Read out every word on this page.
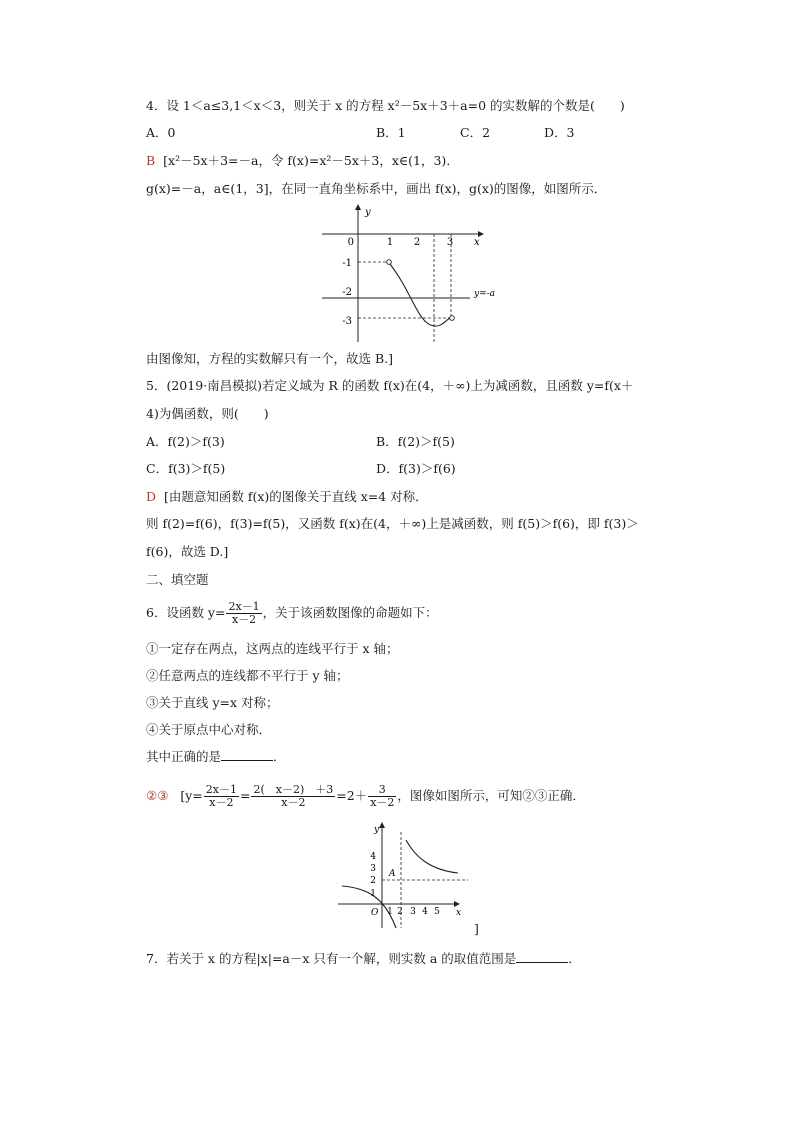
4．设 1＜a≤3,1＜x＜3，则关于 x 的方程 x²－5x＋3＋a=0 的实数解的个数是(　　)
A．0	B．1	C．2	D．3
B [x²－5x＋3=－a，令 f(x)=x²－5x＋3，x∈(1，3)．
g(x)=－a，a∈(1，3]，在同一直角坐标系中，画出 f(x)，g(x)的图像，如图所示．
y
x
0	1 2	3
-1
-2
-3
y=-a
由图像知，方程的实数解只有一个，故选 B.]
5．(2019·南昌模拟)若定义域为 R 的函数 f(x)在(4，＋∞)上为减函数，且函数 y=f(x＋
4)为偶函数，则(　　)
A．f(2)＞f(3)	B．f(2)＞f(5)
C．f(3)＞f(5)	D．f(3)＞f(6)
D [由题意知函数 f(x)的图像关于直线 x=4 对称．
则 f(2)=f(6)，f(3)=f(5)，又函数 f(x)在(4，＋∞)上是减函数，则 f(5)＞f(6)，即 f(3)＞
f(6)，故选 D.]
二、填空题
6．设函数 $y= \frac{2x-1}{x-2}$ ，关于该函数图像的命题如下：
①一定存在两点，这两点的连线平行于 x 轴；
②任意两点的连线都不平行于 y 轴；
③关于直线 y=x 对称；
④关于原点中心对称．
其中正确的是	．
②③ [$y= \frac{2x-1}{x-2} = \frac{2( x-2) +3}{x-2} =2+ \frac{3}{x-2}$ ，图像如图所示，可知②③正确．
y
x
O 1 2 3 4 5
1
2
3
4
A
]
7．若关于 x 的方程|x|=a－x 只有一个解，则实数 a 的取值范围是	．
